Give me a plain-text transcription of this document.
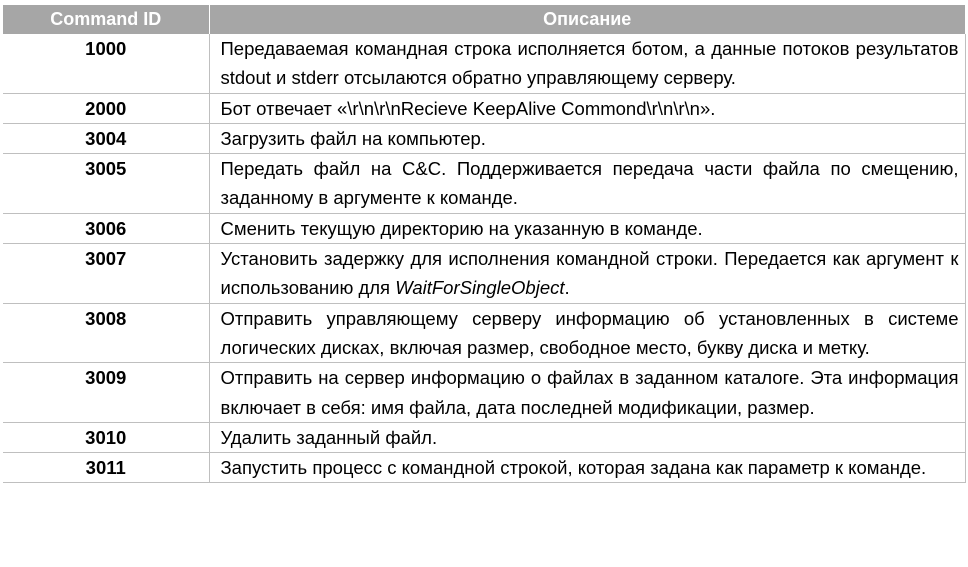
Command ID	Описание
1000	Передаваемая командная строка исполняется ботом, а данные потоков результатов stdout и stderr отсылаются обратно управляющему серверу.
2000	Бот отвечает «\r\n\r\nRecieve KeepAlive Commond\r\n\r\n».
3004	Загрузить файл на компьютер.
3005	Передать файл на C&C. Поддерживается передача части файла по смещению, заданному в аргументе к команде.
3006	Сменить текущую директорию на указанную в команде.
3007	Установить задержку для исполнения командной строки. Передается как аргумент к использованию для WaitForSingleObject.
3008	Отправить управляющему серверу информацию об установленных в системе логических дисках, включая размер, свободное место, букву диска и метку.
3009	Отправить на сервер информацию о файлах в заданном каталоге. Эта информация включает в себя: имя файла, дата последней модификации, размер.
3010	Удалить заданный файл.
3011	Запустить процесс с командной строкой, которая задана как параметр к команде.
